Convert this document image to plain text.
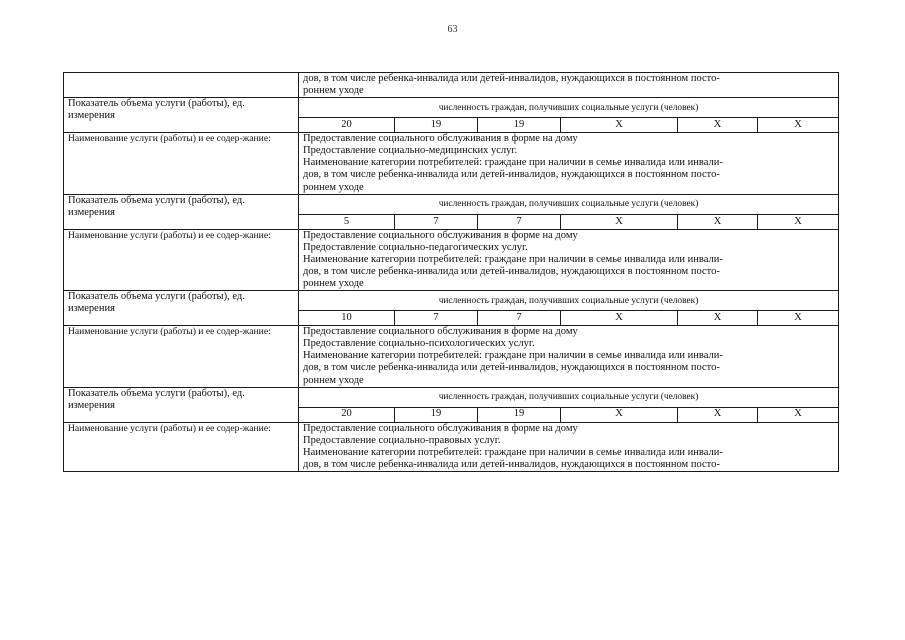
63

	дов, в том числе ребенка-инвалида или детей-инвалидов, нуждающихся в постоянном посто-
роннем уходе					

Показатель объема услуги (работы), ед. измерения	численность граждан, получивших социальные услуги (человек)					
	20	19	19	X	X	X
Наименование услуги (работы) и ее содер-жание:	Предоставление социального обслуживания в форме на дому
Предоставление социально-медицинских услуг.
Наименование категории потребителей: граждане при наличии в семье инвалида или инвали-
дов, в том числе ребенка-инвалида или детей-инвалидов, нуждающихся в постоянном посто-
роннем уходе					

Показатель объема услуги (работы), ед. измерения	численность граждан, получивших социальные услуги (человек)					
	5	7	7	X	X	X
Наименование услуги (работы) и ее содер-жание:	Предоставление социального обслуживания в форме на дому
Предоставление социально-педагогических услуг.
Наименование категории потребителей: граждане при наличии в семье инвалида или инвали-
дов, в том числе ребенка-инвалида или детей-инвалидов, нуждающихся в постоянном посто-
роннем уходе					

Показатель объема услуги (работы), ед. измерения	численность граждан, получивших социальные услуги (человек)					
	10	7	7	X	X	X
Наименование услуги (работы) и ее содер-жание:	Предоставление социального обслуживания в форме на дому
Предоставление социально-психологических услуг.
Наименование категории потребителей: граждане при наличии в семье инвалида или инвали-
дов, в том числе ребенка-инвалида или детей-инвалидов, нуждающихся в постоянном посто-
роннем уходе					

Показатель объема услуги (работы), ед. измерения	численность граждан, получивших социальные услуги (человек)					
	20	19	19	X	X	X
Наименование услуги (работы) и ее содер-жание:	Предоставление социального обслуживания в форме на дому
Предоставление социально-правовых услуг.
Наименование категории потребителей: граждане при наличии в семье инвалида или инвали-
дов, в том числе ребенка-инвалида или детей-инвалидов, нуждающихся в постоянном посто-					
